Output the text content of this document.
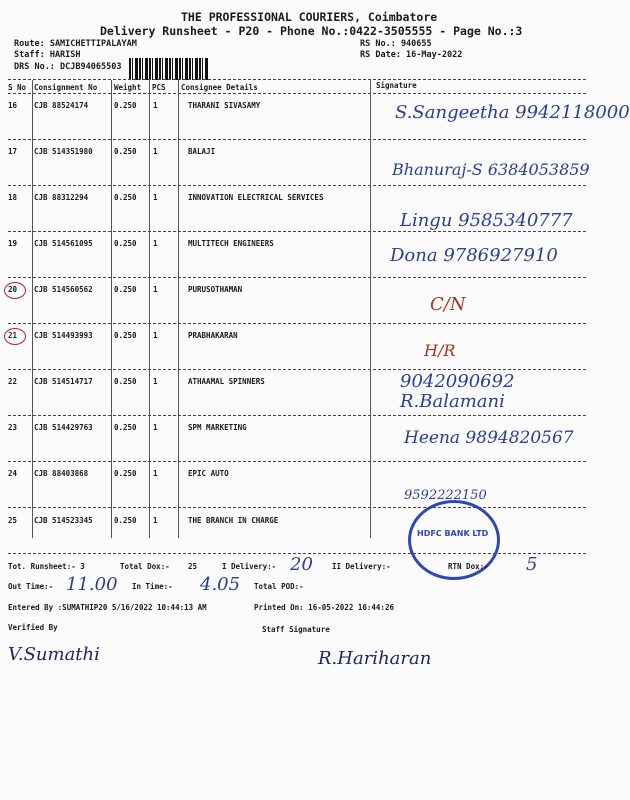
THE PROFESSIONAL COURIERS, Coimbatore
Delivery Runsheet - P20 - Phone No.:0422-3505555 - Page No.:3
Route: SAMICHETTIPALAYAM
Staff: HARISH
DRS No.: DCJB94065503
RS No.: 940655
RS Date: 16-May-2022
S No Consignment No Weight PCS Consignee Details	Signature
16 CJB 88524174	0.250 1	THARANI SIVASAMY	S.Sangeetha 9942118000
17 CJB 514351980	0.250 1	BALAJI
Bhanuraj-S 6384053859
18 CJB 88312294	0.250 1	INNOVATION ELECTRICAL SERVICES
Lingu 9585340777
19 CJB 514561095	0.250 1	MULTITECH ENGINEERS
Dona 9786927910
20 CJB 514560562	0.250 1	PURUSOTHAMAN
C/N
21 CJB 514493993	0.250 1	PRABHAKARAN
H/R
22 CJB 514514717	0.250 1	ATHAAMAL SPINNERS	9042090692 R.Balamani
23 CJB 514429763	0.250 1	SPM MARKETING
Heena 9894820567
24 CJB 88403868	0.250 1	EPIC AUTO
9592222150
25 CJB 514523345	0.250 1	THE BRANCH IN CHARGE
HDFC BANK LTD
Tot. Runsheet:- 3	Total Dox:- 25	I Delivery:- 20	II Delivery:-	RTN Dox:- 5
Out Time:- 11.00 In Time:- 4.05 Total POD:-
Entered By :SUMATHIP20 5/16/2022 10:44:13 AM	Printed On: 16-05-2022 10:44:26
Verified By	Staff Signature
V.Sumathi	R.Hariharan
